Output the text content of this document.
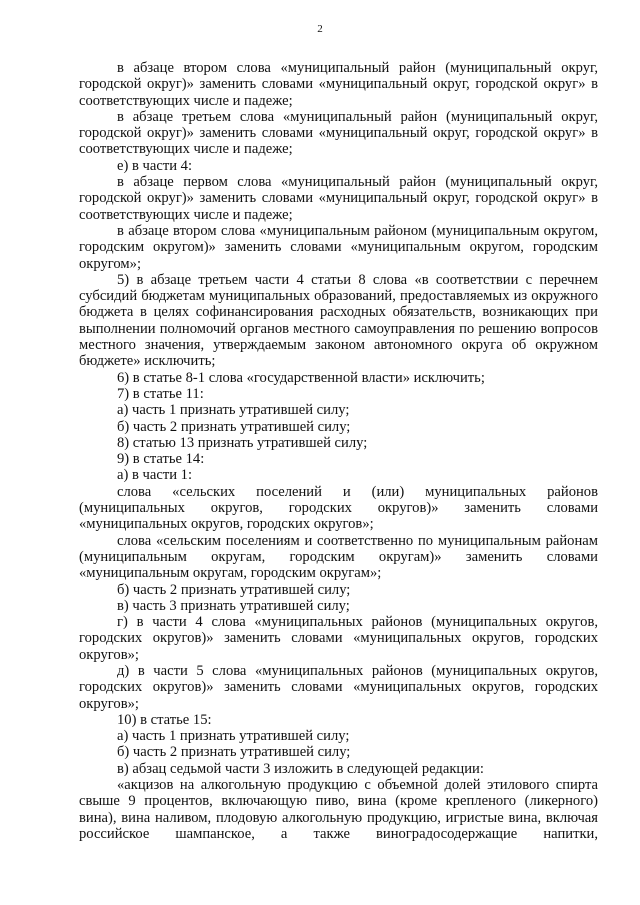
2

в абзаце втором слова «муниципальный район (муниципальный округ, городской округ)» заменить словами «муниципальный округ, городской округ» в соответствующих числе и падеже;

в абзаце третьем слова «муниципальный район (муниципальный округ, городской округ)» заменить словами «муниципальный округ, городской округ» в соответствующих числе и падеже;

е) в части 4:

в абзаце первом слова «муниципальный район (муниципальный округ, городской округ)» заменить словами «муниципальный округ, городской округ» в соответствующих числе и падеже;

в абзаце втором слова «муниципальным районом (муниципальным округом, городским округом)» заменить словами «муниципальным округом, городским округом»;

5) в абзаце третьем части 4 статьи 8 слова «в соответствии с перечнем субсидий бюджетам муниципальных образований, предоставляемых из окружного бюджета в целях софинансирования расходных обязательств, возникающих при выполнении полномочий органов местного самоуправления по решению вопросов местного значения, утверждаемым законом автономного округа об окружном бюджете» исключить;

6) в статье 8-1 слова «государственной власти» исключить;

7) в статье 11:

а) часть 1 признать утратившей силу;

б) часть 2 признать утратившей силу;

8) статью 13 признать утратившей силу;

9) в статье 14:

а) в части 1:

слова «сельских поселений и (или) муниципальных районов (муниципальных округов, городских округов)» заменить словами «муниципальных округов, городских округов»;

слова «сельским поселениям и соответственно по муниципальным районам (муниципальным округам, городским округам)» заменить словами «муниципальным округам, городским округам»;

б) часть 2 признать утратившей силу;

в) часть 3 признать утратившей силу;

г) в части 4 слова «муниципальных районов (муниципальных округов, городских округов)» заменить словами «муниципальных округов, городских округов»;

д) в части 5 слова «муниципальных районов (муниципальных округов, городских округов)» заменить словами «муниципальных округов, городских округов»;

10) в статье 15:

а) часть 1 признать утратившей силу;

б) часть 2 признать утратившей силу;

в) абзац седьмой части 3 изложить в следующей редакции:

«акцизов на алкогольную продукцию с объемной долей этилового спирта свыше 9 процентов, включающую пиво, вина (кроме крепленого (ликерного) вина), вина наливом, плодовую алкогольную продукцию, игристые вина, включая российское шампанское, а также виноградосодержащие напитки,
